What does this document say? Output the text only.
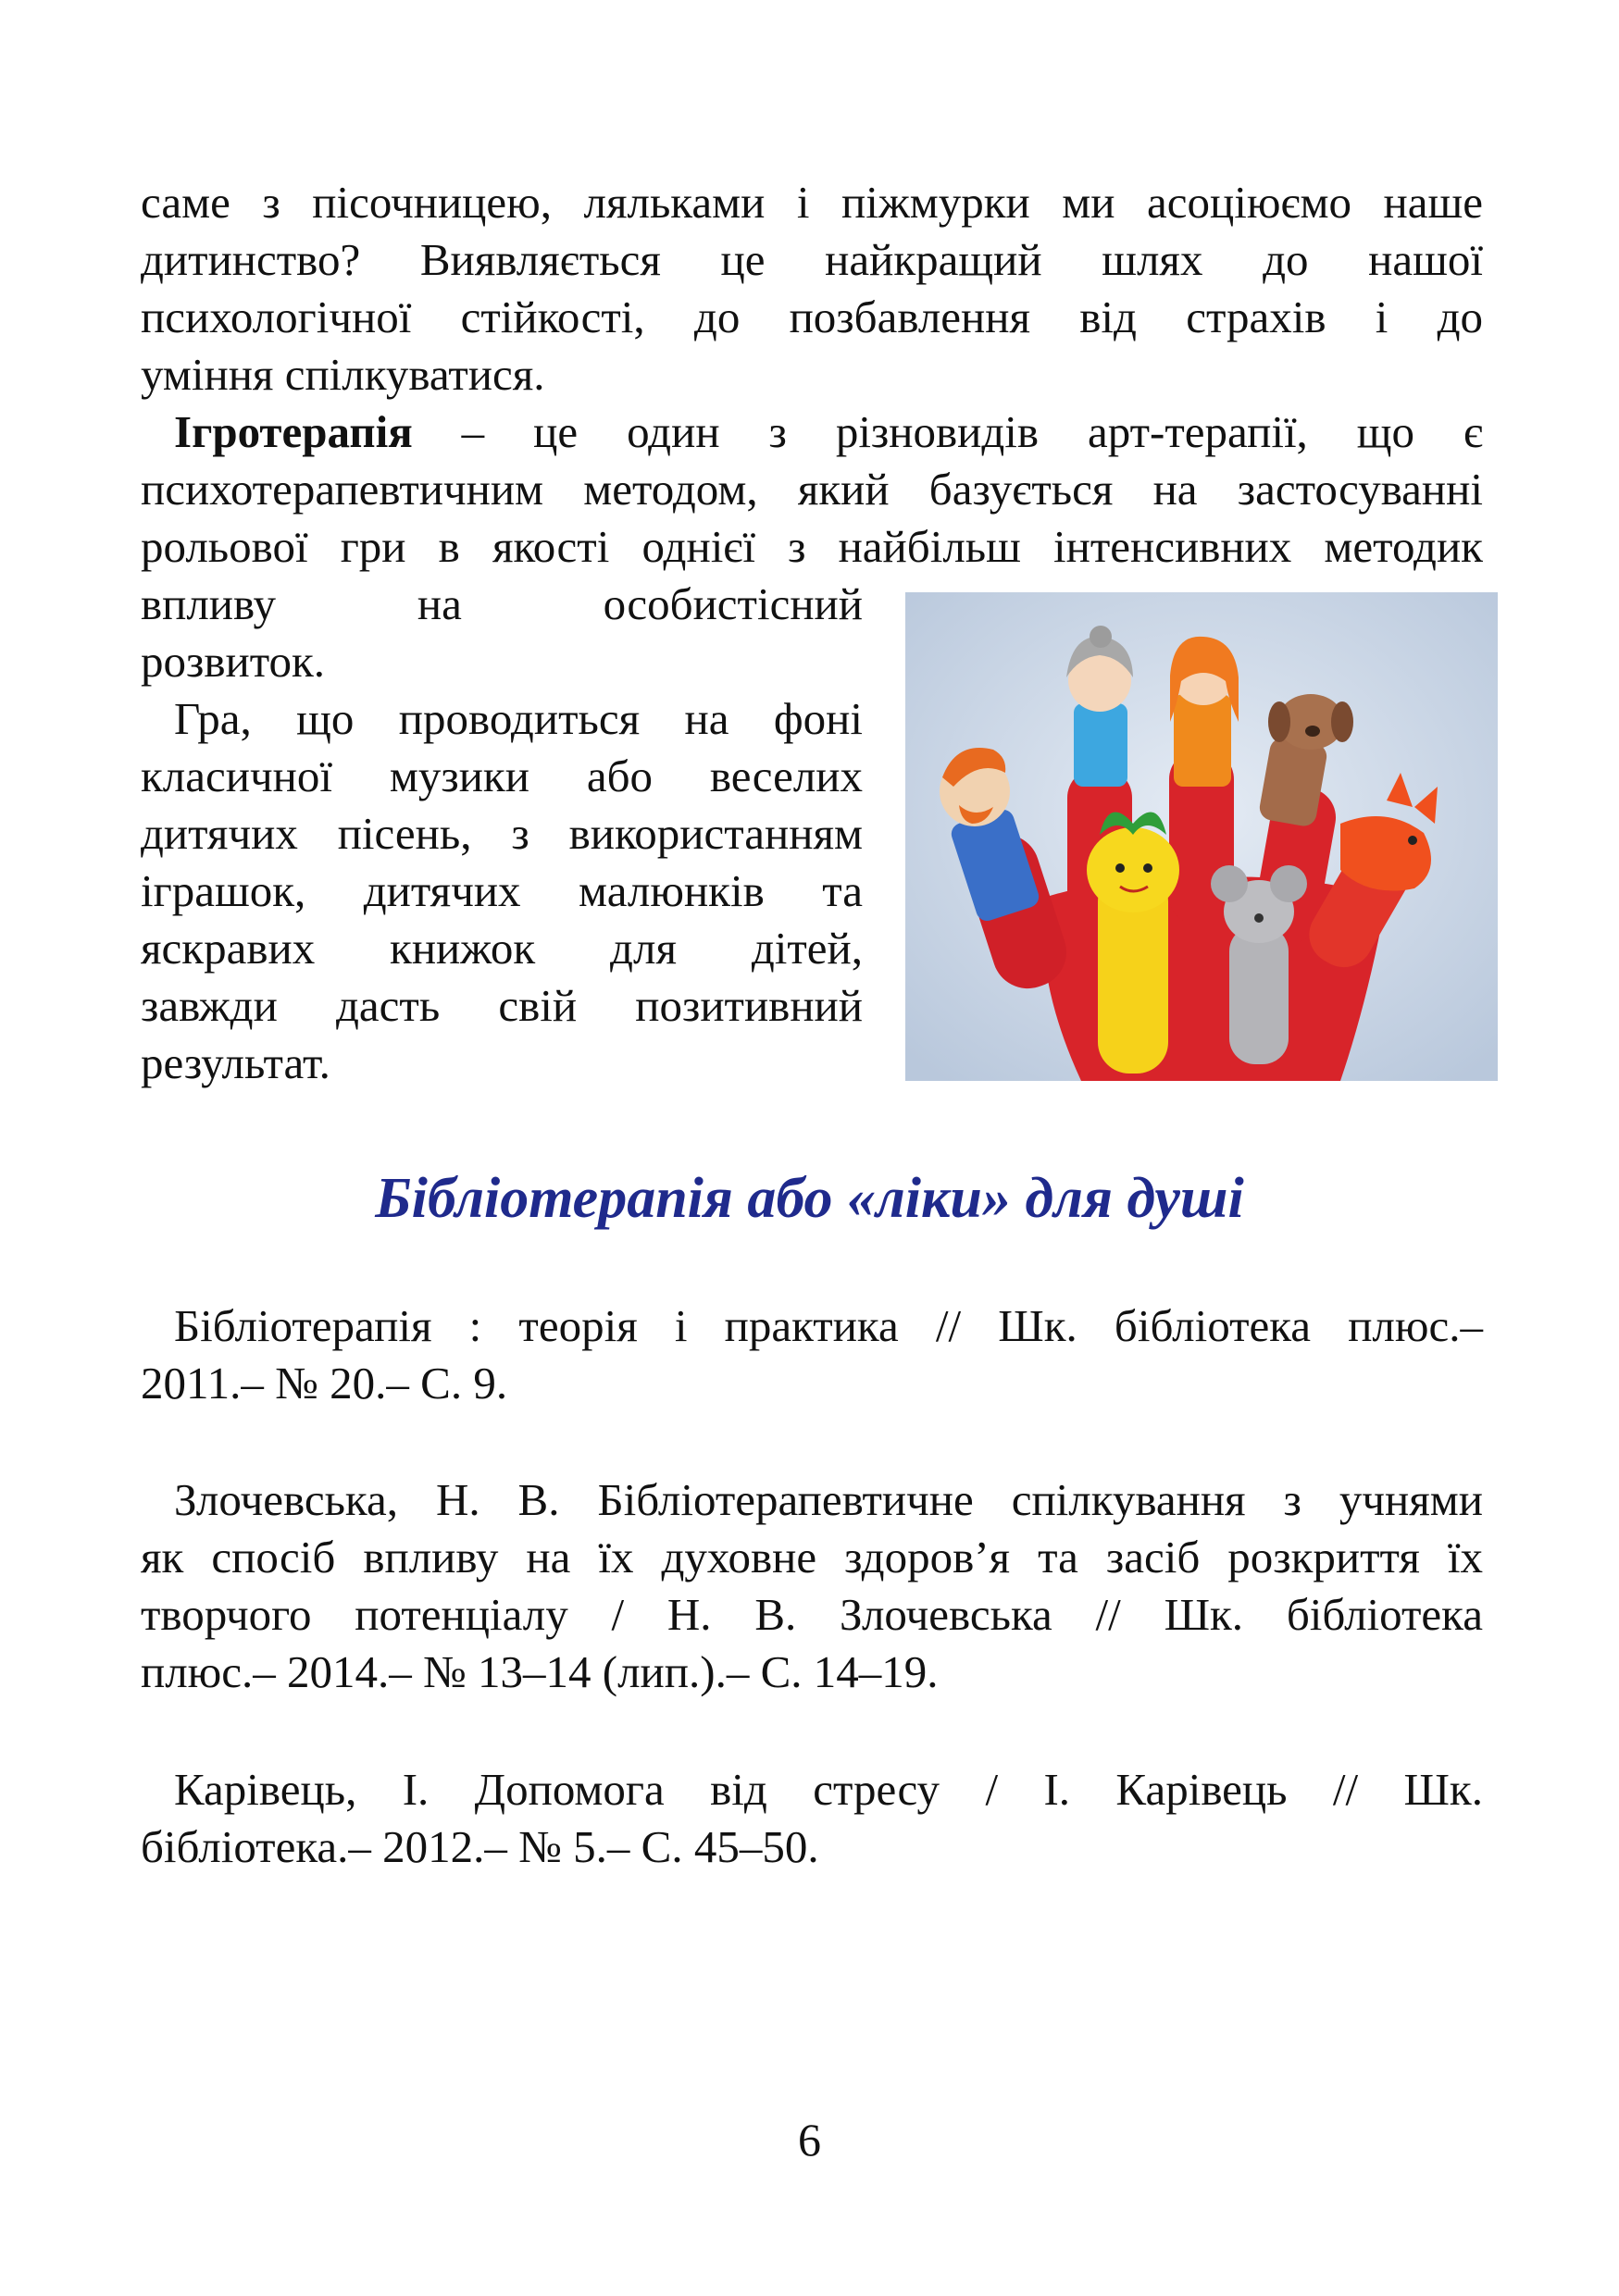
саме з пісочницею, ляльками і піжмурки ми асоціюємо наше
дитинство? Виявляється це найкращий шлях до нашої
психологічної стійкості, до позбавлення від страхів і до
уміння спілкуватися.
Ігротерапія – це один з різновидів арт-терапії, що є
психотерапевтичним методом, який базується на застосуванні
рольової гри в якості однієї з найбільш інтенсивних методик
впливу на особистісний
розвиток.
Гра, що проводиться на фоні
класичної музики або веселих
дитячих пісень, з використанням
іграшок, дитячих малюнків та
яскравих книжок для дітей,
завжди дасть свій позитивний
результат.
Бібліотерапія або «ліки» для душі
Бібліотерапія : теорія і практика // Шк. бібліотека плюс.–
2011.– № 20.– С. 9.
Злочевська, Н. В. Бібліотерапевтичне спілкування з учнями
як спосіб впливу на їх духовне здоров’я та засіб розкриття їх
творчого потенціалу / Н. В. Злочевська // Шк. бібліотека
плюс.– 2014.– № 13–14 (лип.).– С. 14–19.
Карівець, І. Допомога від стресу / І. Карівець // Шк.
бібліотека.– 2012.– № 5.– С. 45–50.
6
